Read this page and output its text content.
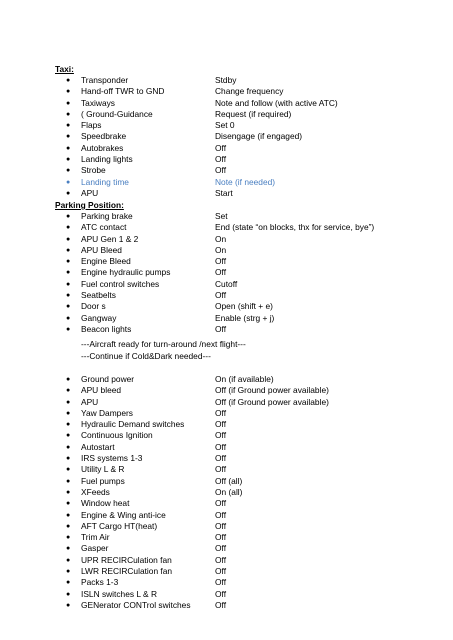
Taxi:
● Transponder	Stdby
● Hand-off TWR to GND	Change frequency
● Taxiways	Note and follow (with active ATC)
● ( Ground-Guidance	Request (if required)
● Flaps	Set 0
● Speedbrake	Disengage (if engaged)
● Autobrakes	Off
● Landing lights	Off
● Strobe	Off
● Landing time	Note (if needed)
● APU	Start
Parking Position:
● Parking brake	Set
● ATC contact	End (state “on blocks, thx for service, bye”)
● APU Gen 1 & 2	On
● APU Bleed	On
● Engine Bleed	Off
● Engine hydraulic pumps	Off
● Fuel control switches	Cutoff
● Seatbelts	Off
● Door s	Open (shift + e)
● Gangway	Enable (strg + j)
● Beacon lights	Off
---Aircraft ready for turn-around /next flight---
---Continue if Cold&Dark needed---
● Ground power	On (if available)
● APU bleed	Off (if Ground power available)
● APU	Off (if Ground power available)
● Yaw Dampers	Off
● Hydraulic Demand switches	Off
● Continuous Ignition	Off
● Autostart	Off
● IRS systems 1-3	Off
● Utility L & R	Off
● Fuel pumps	Off (all)
● XFeeds	On (all)
● Window heat	Off
● Engine & Wing anti-ice	Off
● AFT Cargo HT(heat)	Off
● Trim Air	Off
● Gasper	Off
● UPR RECIRCulation fan	Off
● LWR RECIRCulation fan	Off
● Packs 1-3	Off
● ISLN switches L & R	Off
● GENerator CONTrol switches	Off
